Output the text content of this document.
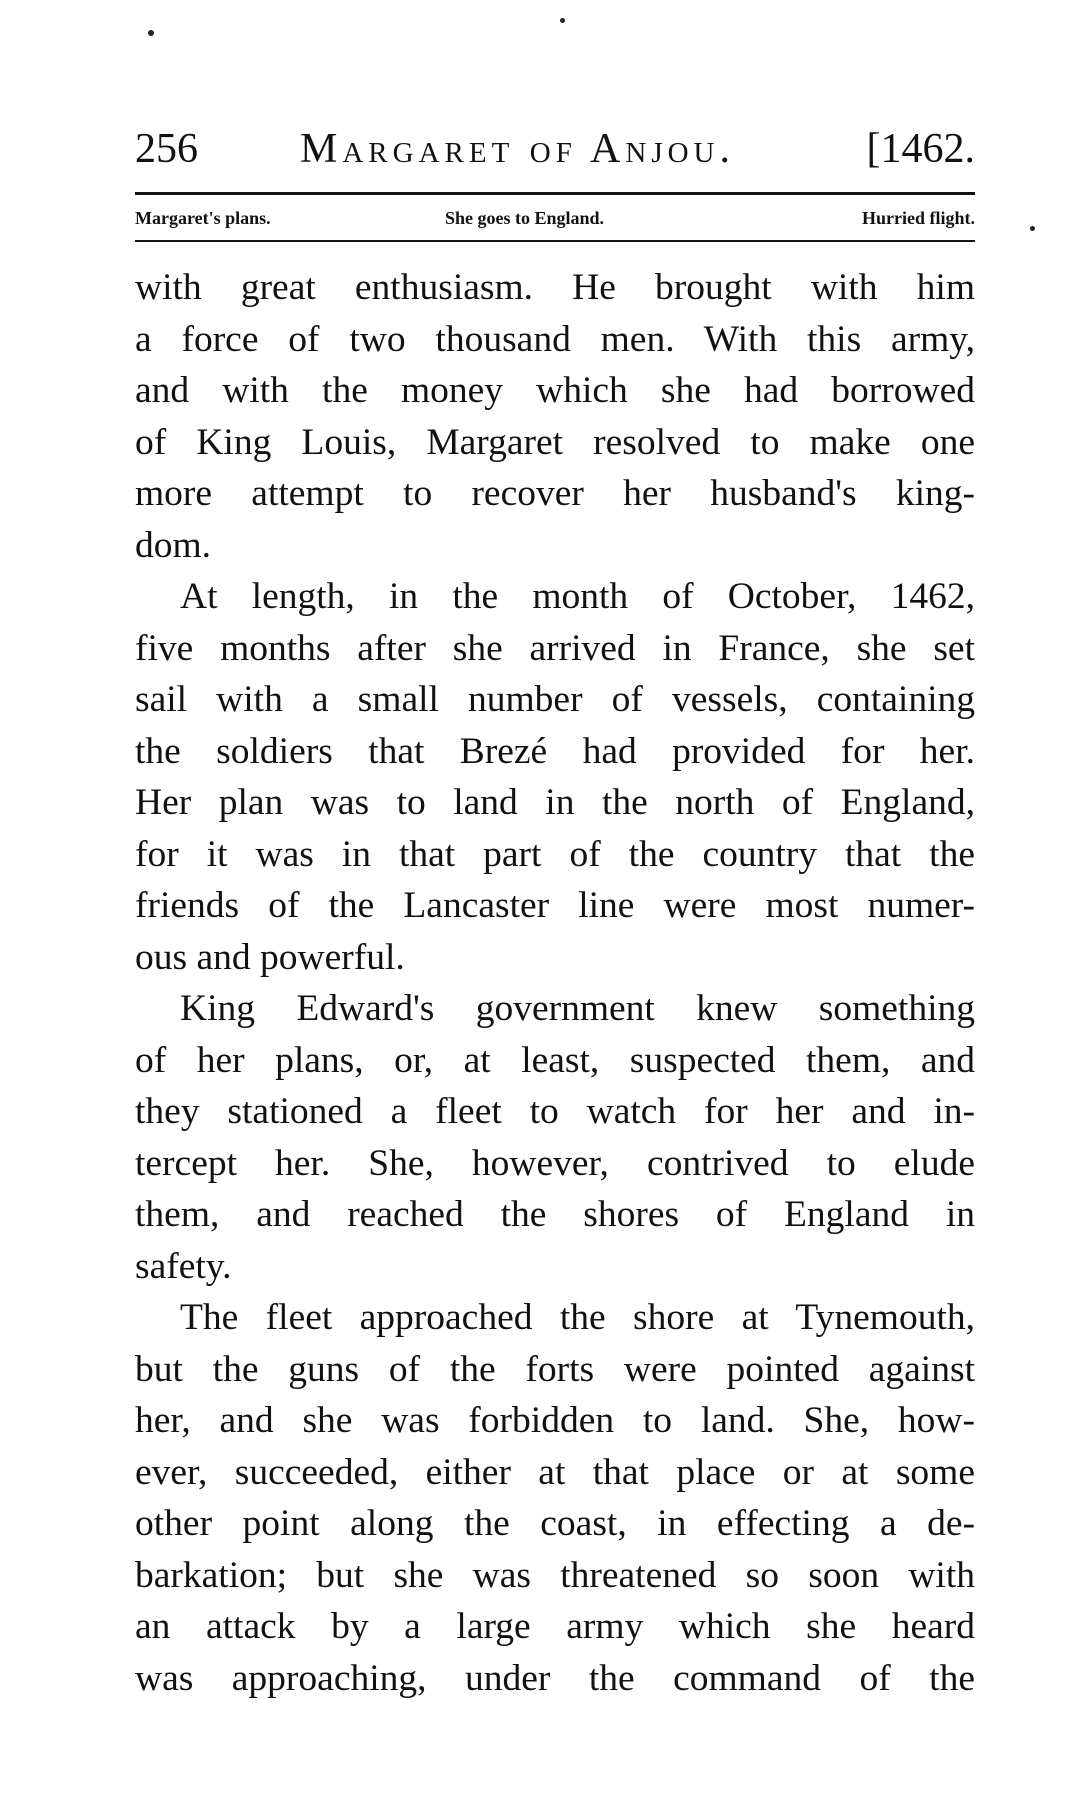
256 Margaret of Anjou.	[1462.
Margaret's plans.	She goes to England.	Hurried flight.
with great enthusiasm. He brought with him
a force of two thousand men. With this army,
and with the money which she had borrowed
of King Louis, Margaret resolved to make one
more attempt to recover her husband's king-
dom.
At length, in the month of October, 1462,
five months after she arrived in France, she set
sail with a small number of vessels, containing
the soldiers that Brezé had provided for her.
Her plan was to land in the north of England,
for it was in that part of the country that the
friends of the Lancaster line were most numer-
ous and powerful.
King Edward's government knew something
of her plans, or, at least, suspected them, and
they stationed a fleet to watch for her and in-
tercept her. She, however, contrived to elude
them, and reached the shores of England in
safety.
The fleet approached the shore at Tynemouth,
but the guns of the forts were pointed against
her, and she was forbidden to land. She, how-
ever, succeeded, either at that place or at some
other point along the coast, in effecting a de-
barkation; but she was threatened so soon with
an attack by a large army which she heard
was approaching, under the command of the
